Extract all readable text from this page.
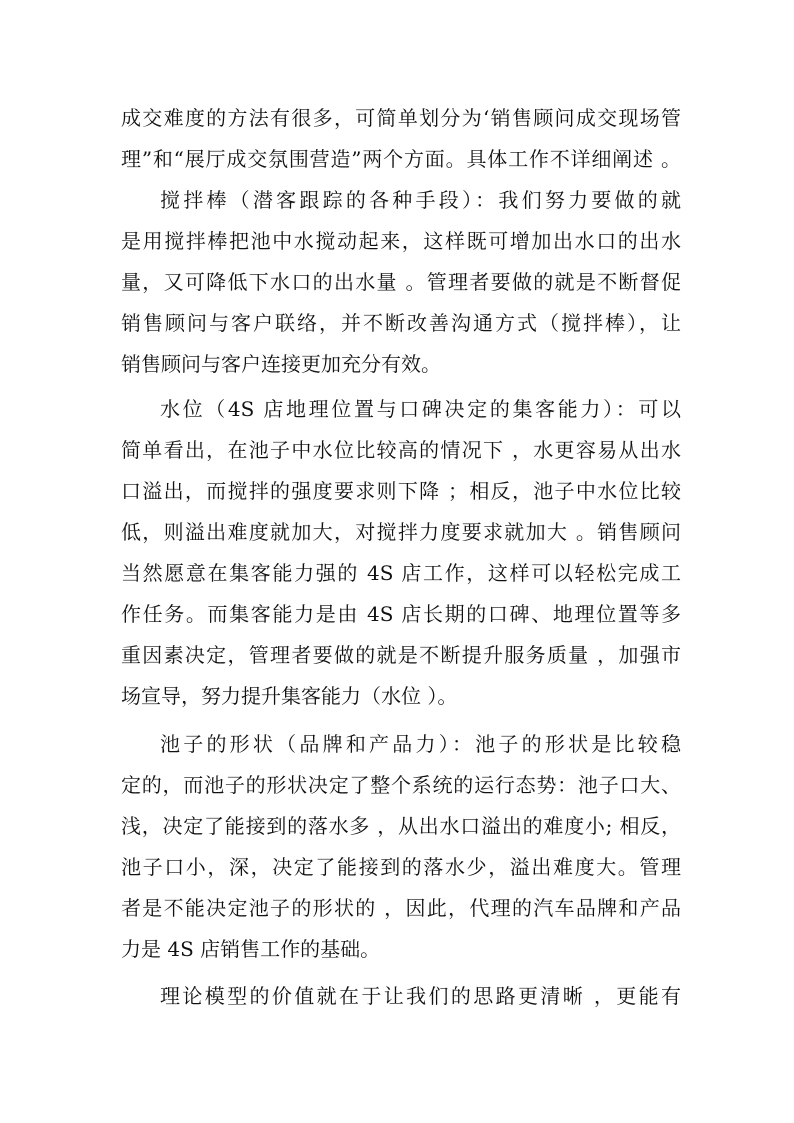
成交难度的方法有很多，可简单划分为‘销售顾问成交现场管
理”和“展厅成交氛围营造”两个方面。具体工作不详细阐述 。
搅拌棒（潜客跟踪的各种手段）：我们努力要做的就
是用搅拌棒把池中水搅动起来，这样既可增加出水口的出水
量，又可降低下水口的出水量 。管理者要做的就是不断督促
销售顾问与客户联络，并不断改善沟通方式（搅拌棒），让
销售顾问与客户连接更加充分有效。
水位（4S 店地理位置与口碑决定的集客能力）：可以
简单看出，在池子中水位比较高的情况下 ，水更容易从出水
口溢出，而搅拌的强度要求则下降 ；相反，池子中水位比较
低，则溢出难度就加大，对搅拌力度要求就加大 。销售顾问
当然愿意在集客能力强的 4S 店工作，这样可以轻松完成工
作任务。而集客能力是由 4S 店长期的口碑、地理位置等多
重因素决定，管理者要做的就是不断提升服务质量 ，加强市
场宣导，努力提升集客能力（水位 ）。
池子的形状（品牌和产品力）：池子的形状是比较稳
定的，而池子的形状决定了整个系统的运行态势：池子口大、
浅，决定了能接到的落水多 ，从出水口溢出的难度小; 相反，
池子口小，深，决定了能接到的落水少，溢出难度大。管理
者是不能决定池子的形状的 ，因此，代理的汽车品牌和产品
力是 4S 店销售工作的基础。
理论模型的价值就在于让我们的思路更清晰 ，更能有
